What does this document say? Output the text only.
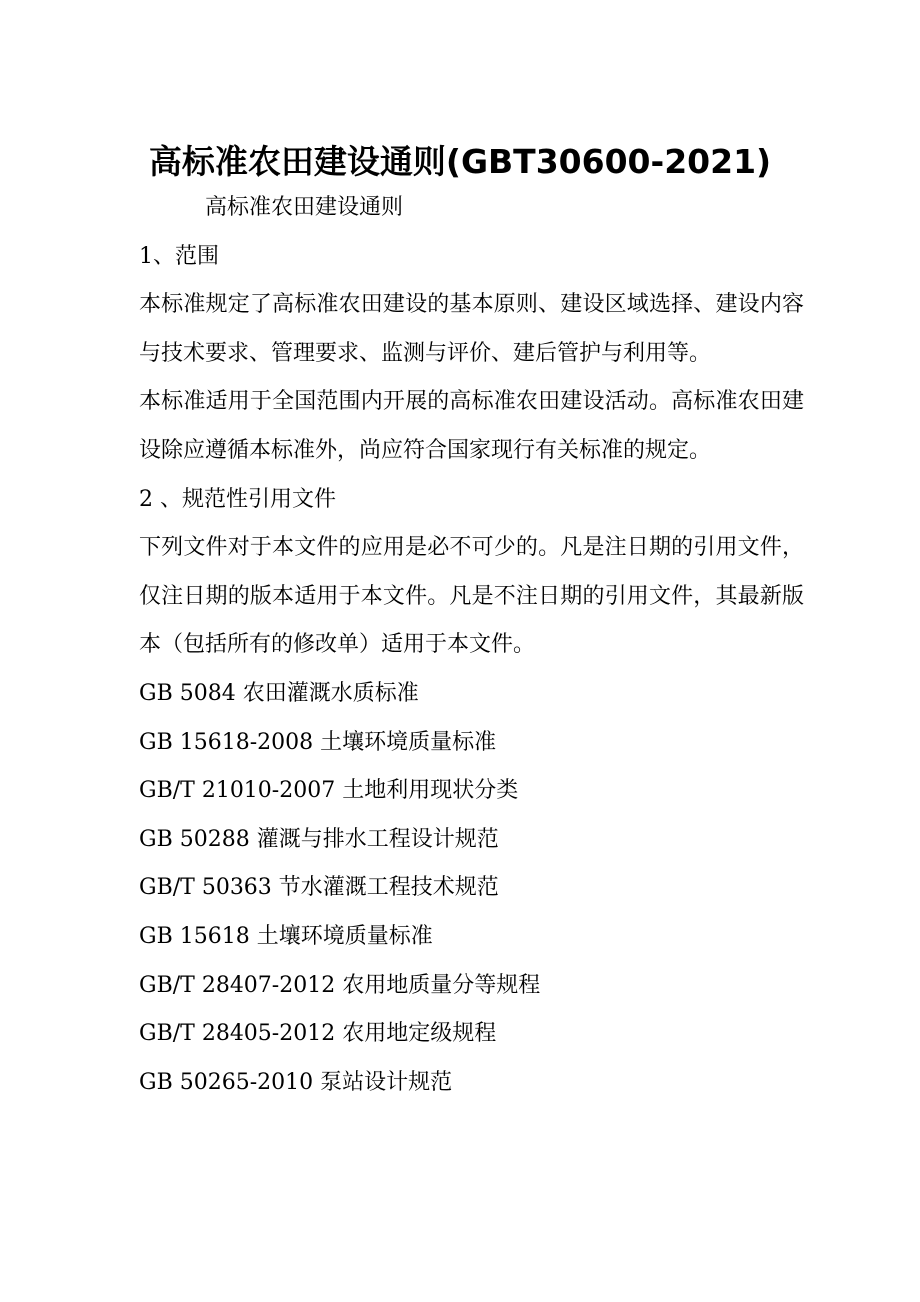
高标准农田建设通则(GBT30600-2021)

高标准农田建设通则

1、范围

本标准规定了高标准农田建设的基本原则、建设区域选择、建设内容与技术要求、管理要求、监测与评价、建后管护与利用等。

本标准适用于全国范围内开展的高标准农田建设活动。高标准农田建设除应遵循本标准外，尚应符合国家现行有关标准的规定。

2 、规范性引用文件

下列文件对于本文件的应用是必不可少的。凡是注日期的引用文件，仅注日期的版本适用于本文件。凡是不注日期的引用文件，其最新版本（包括所有的修改单）适用于本文件。

GB 5084 农田灌溉水质标准
GB 15618-2008 土壤环境质量标准
GB/T 21010-2007 土地利用现状分类
GB 50288 灌溉与排水工程设计规范
GB/T 50363 节水灌溉工程技术规范
GB 15618 土壤环境质量标准
GB/T 28407-2012 农用地质量分等规程
GB/T 28405-2012 农用地定级规程
GB 50265-2010 泵站设计规范
